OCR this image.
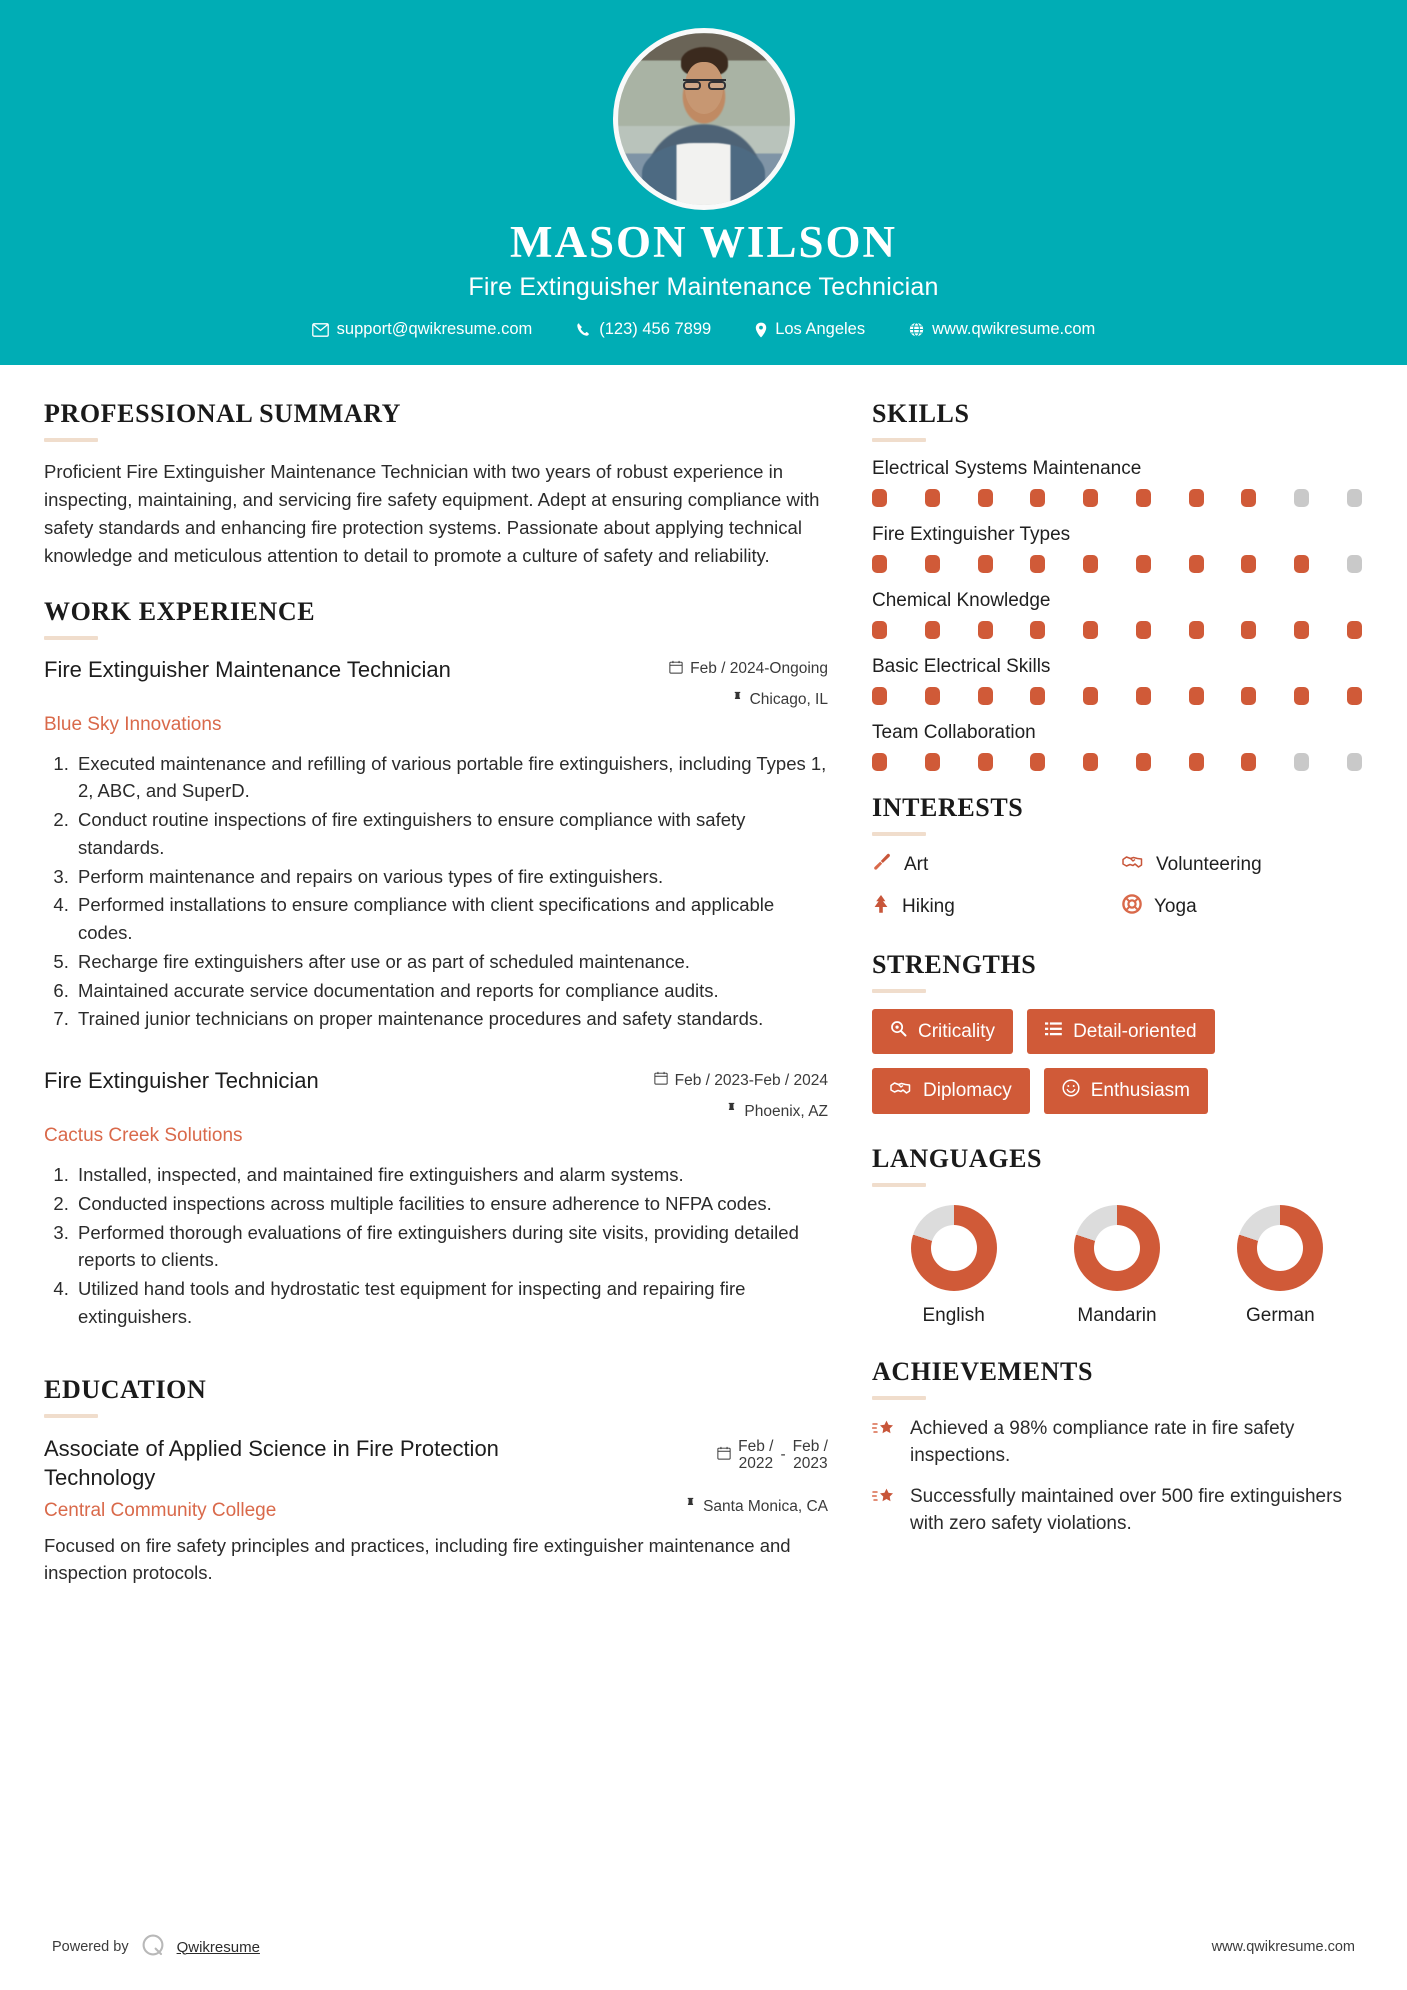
MASON WILSON
Fire Extinguisher Maintenance Technician
support@qwikresume.com	(123) 456 7899	Los Angeles	www.qwikresume.com
PROFESSIONAL SUMMARY
Proficient Fire Extinguisher Maintenance Technician with two years of robust experience in inspecting, maintaining, and servicing fire safety equipment. Adept at ensuring compliance with safety standards and enhancing fire protection systems. Passionate about applying technical knowledge and meticulous attention to detail to promote a culture of safety and reliability.
WORK EXPERIENCE
Fire Extinguisher Maintenance Technician	Feb / 2024-Ongoing
Chicago, IL
Blue Sky Innovations
1. Executed maintenance and refilling of various portable fire extinguishers, including Types 1, 2, ABC, and SuperD.
2. Conduct routine inspections of fire extinguishers to ensure compliance with safety standards.
3. Perform maintenance and repairs on various types of fire extinguishers.
4. Performed installations to ensure compliance with client specifications and applicable codes.
5. Recharge fire extinguishers after use or as part of scheduled maintenance.
6. Maintained accurate service documentation and reports for compliance audits.
7. Trained junior technicians on proper maintenance procedures and safety standards.
Fire Extinguisher Technician	Feb / 2023-Feb / 2024
Phoenix, AZ
Cactus Creek Solutions
1. Installed, inspected, and maintained fire extinguishers and alarm systems.
2. Conducted inspections across multiple facilities to ensure adherence to NFPA codes.
3. Performed thorough evaluations of fire extinguishers during site visits, providing detailed reports to clients.
4. Utilized hand tools and hydrostatic test equipment for inspecting and repairing fire extinguishers.
EDUCATION
Associate of Applied Science in Fire Protection Technology
Feb /
2022
-
Feb /
2023
Central Community College	Santa Monica, CA
Focused on fire safety principles and practices, including fire extinguisher maintenance and inspection protocols.
SKILLS
Electrical Systems Maintenance
Fire Extinguisher Types
Chemical Knowledge
Basic Electrical Skills
Team Collaboration
INTERESTS
Art	Volunteering
Hiking	Yoga
STRENGTHS
Criticality	Detail-oriented
Diplomacy	Enthusiasm
LANGUAGES
English	Mandarin	German
ACHIEVEMENTS
Achieved a 98% compliance rate in fire safety inspections.
Successfully maintained over 500 fire extinguishers with zero safety violations.
Powered by	Qwikresume	www.qwikresume.com
